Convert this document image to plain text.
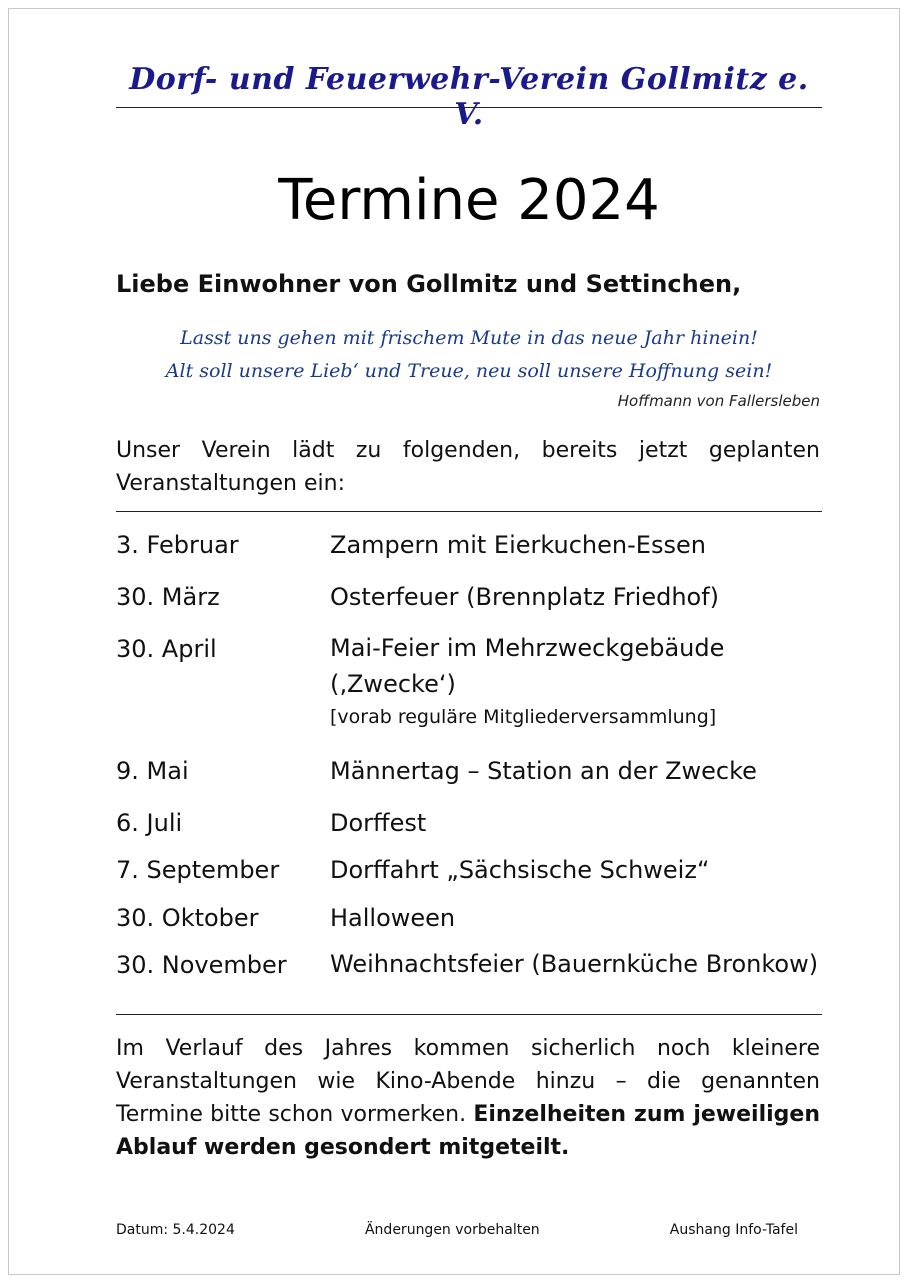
Dorf- und Feuerwehr-Verein Gollmitz e. V.
Termine 2024
Liebe Einwohner von Gollmitz und Settinchen,
Lasst uns gehen mit frischem Mute in das neue Jahr hinein!
Alt soll unsere Lieb‘ und Treue, neu soll unsere Hoffnung sein!
Hoffmann von Fallersleben
Unser Verein lädt zu folgenden, bereits jetzt geplanten Veranstaltungen ein:
3. Februar	Zampern mit Eierkuchen-Essen
30. März	Osterfeuer (Brennplatz Friedhof)
30. April	Mai-Feier im Mehrzweckgebäude (‚Zwecke‘)
[vorab reguläre Mitgliederversammlung]
9. Mai	Männertag – Station an der Zwecke
6. Juli	Dorffest
7. September	Dorffahrt „Sächsische Schweiz“
30. Oktober	Halloween
30. November	Weihnachtsfeier (Bauernküche Bronkow)
Im Verlauf des Jahres kommen sicherlich noch kleinere Veranstaltungen wie Kino-Abende hinzu – die genannten Termine bitte schon vormerken. Einzelheiten zum jeweiligen Ablauf werden gesondert mitgeteilt.
Datum: 5.4.2024	Änderungen vorbehalten	Aushang Info-Tafel
